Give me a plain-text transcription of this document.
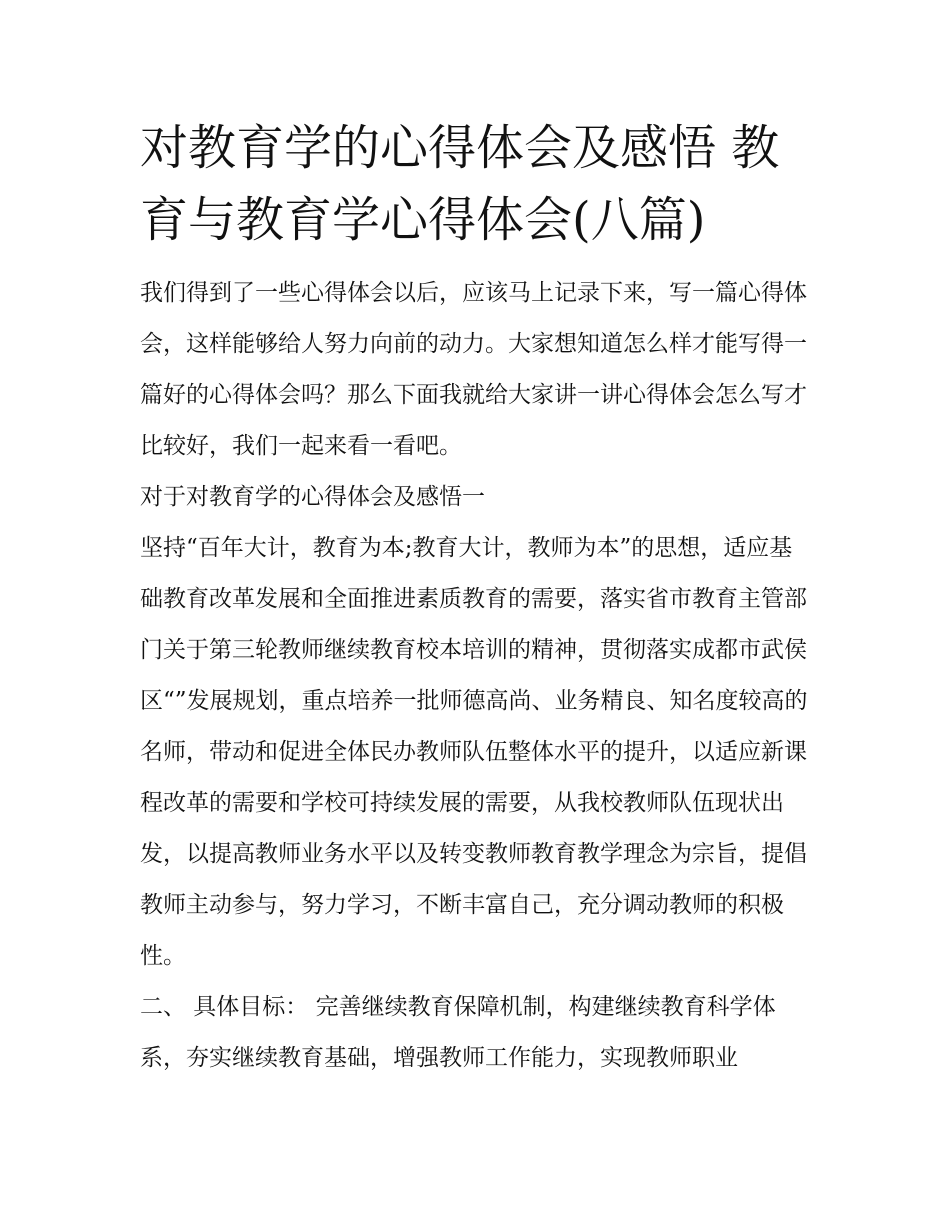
对教育学的心得体会及感悟 教育与教育学心得体会(八篇)

我们得到了一些心得体会以后，应该马上记录下来，写一篇心得体会，这样能够给人努力向前的动力。大家想知道怎么样才能写得一篇好的心得体会吗？那么下面我就给大家讲一讲心得体会怎么写才比较好，我们一起来看一看吧。

对于对教育学的心得体会及感悟一

坚持“百年大计，教育为本;教育大计，教师为本”的思想，适应基础教育改革发展和全面推进素质教育的需要，落实省市教育主管部门关于第三轮教师继续教育校本培训的精神，贯彻落实成都市武侯区“”发展规划，重点培养一批师德高尚、业务精良、知名度较高的名师，带动和促进全体民办教师队伍整体水平的提升，以适应新课程改革的需要和学校可持续发展的需要，从我校教师队伍现状出发，以提高教师业务水平以及转变教师教育教学理念为宗旨，提倡教师主动参与，努力学习，不断丰富自己，充分调动教师的积极性。

二、 具体目标： 完善继续教育保障机制，构建继续教育科学体系，夯实继续教育基础，增强教师工作能力，实现教师职业
